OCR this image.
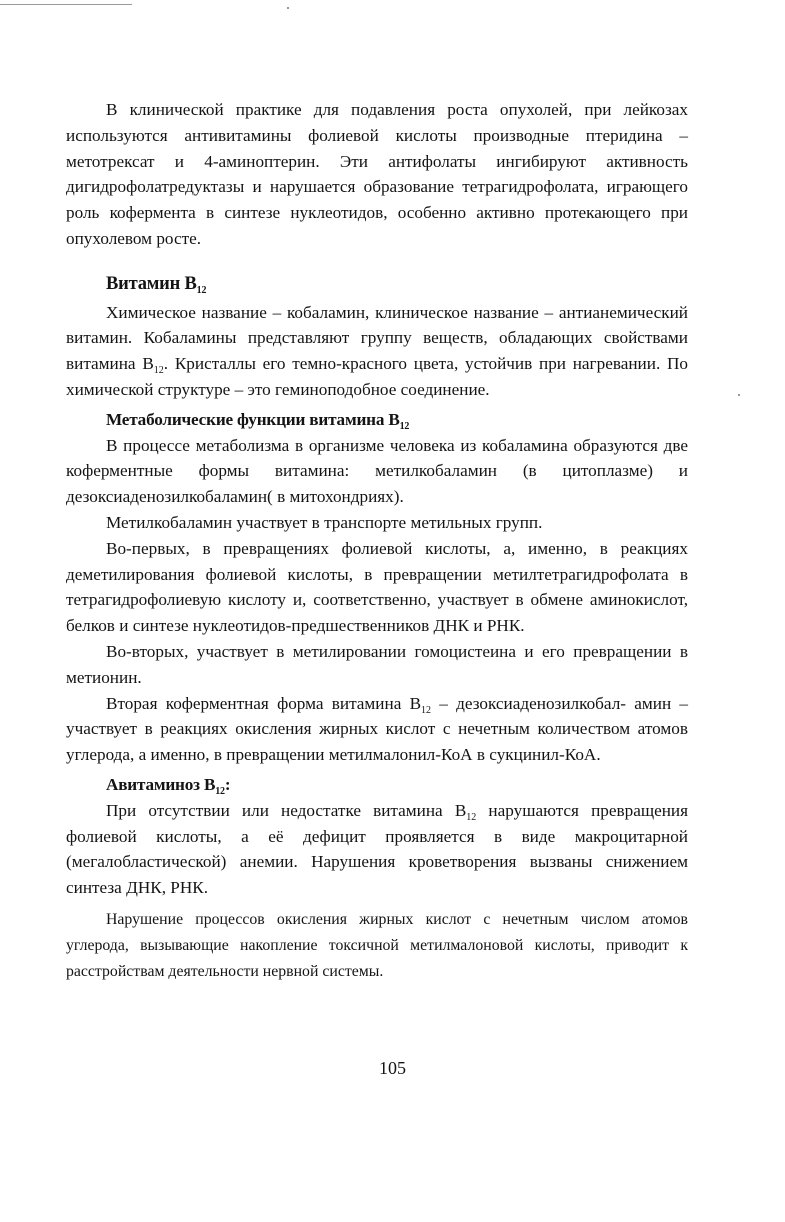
В клинической практике для подавления роста опухолей, при лейкозах используются антивитамины фолиевой кислоты производные птеридина – метотрексат и 4-аминоптерин. Эти антифолаты ингибируют активность дигидрофолатредуктазы и нарушается образование тетрагидрофолата, играющего роль кофермента в синтезе нуклеотидов, особенно активно протекающего при опухолевом росте.

Витамин $B_{12}$

Химическое название – кобаламин, клиническое название – антианемический витамин. Кобаламины представляют группу веществ, обладающих свойствами витамина $B_{12}$. Кристаллы его темно-красного цвета, устойчив при нагревании. По химической структуре – это геминоподобное соединение.

Метаболические функции витамина $B_{12}$

В процессе метаболизма в организме человека из кобаламина образуются две коферментные формы витамина: метилкобаламин (в цитоплазме) и дезоксиаденозилкобаламин( в митохондриях).

Метилкобаламин участвует в транспорте метильных групп.

Во-первых, в превращениях фолиевой кислоты, а, именно, в реакциях деметилирования фолиевой кислоты, в превращении метилтетрагидрофолата в тетрагидрофолиевую кислоту и, соответственно, участвует в обмене аминокислот, белков и синтезе нуклеотидов-предшественников ДНК и РНК.

Во-вторых, участвует в метилировании гомоцистеина и его превращении в метионин.

Вторая коферментная форма витамина $B_{12}$ – дезоксиаденозилкобал- амин – участвует в реакциях окисления жирных кислот с нечетным количеством атомов углерода, а именно, в превращении метилмалонил-КоА в сукцинил-КоА.

Авитаминоз $B_{12}$:

При отсутствии или недостатке витамина $B_{12}$ нарушаются превращения фолиевой кислоты, а её дефицит проявляется в виде макроцитарной (мегалобластической) анемии. Нарушения кроветворения вызваны снижением синтеза ДНК, РНК.

Нарушение процессов окисления жирных кислот с нечетным числом атомов углерода, вызывающие накопление токсичной метилмалоновой кислоты, приводит к расстройствам деятельности нервной системы.

105
